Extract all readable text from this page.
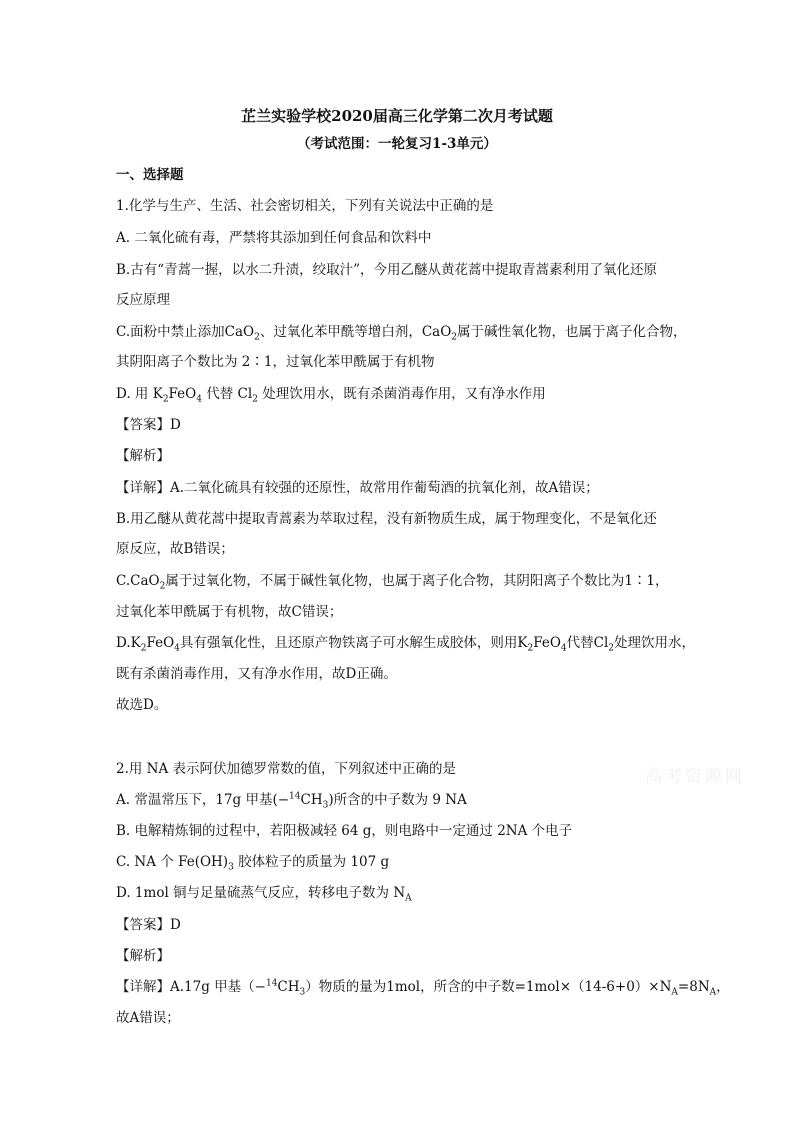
芷兰实验学校2020届高三化学第二次月考试题
（考试范围：一轮复习1-3单元）
一、选择题
1.化学与生产、生活、社会密切相关，下列有关说法中正确的是
A. 二氧化硫有毒，严禁将其添加到任何食品和饮料中
B.古有“青蒿一握，以水二升渍，绞取汁”，今用乙醚从黄花蒿中提取青蒿素利用了氧化还原
反应原理
C.面粉中禁止添加CaO$_2$、过氧化苯甲酰等增白剂，CaO$_2$属于碱性氧化物，也属于离子化合物，
其阴阳离子个数比为 2∶1，过氧化苯甲酰属于有机物
D. 用 $K_2FeO_4$ 代替 $Cl_2$ 处理饮用水，既有杀菌消毒作用，又有净水作用
【答案】D
【解析】
【详解】A.二氧化硫具有较强的还原性，故常用作葡萄酒的抗氧化剂，故A错误；
B.用乙醚从黄花蒿中提取青蒿素为萃取过程，没有新物质生成，属于物理变化，不是氧化还
原反应，故B错误；
C.CaO$_2$属于过氧化物，不属于碱性氧化物，也属于离子化合物，其阴阳离子个数比为1∶1，
过氧化苯甲酰属于有机物，故C错误；
$D.K_2FeO_4$具有强氧化性，且还原产物铁离子可水解生成胶体，则用$K_2FeO_4$代替$Cl_2$处理饮用水，
既有杀菌消毒作用，又有净水作用，故D正确。
故选D。
2.用 NA 表示阿伏加德罗常数的值，下列叙述中正确的是
A. 常温常压下，17g 甲基$(-^{14}CH_3)$所含的中子数为 9 NA
B. 电解精炼铜的过程中，若阳极减轻 64 g，则电路中一定通过 2NA 个电子
C. NA 个 $Fe(OH)_3$ 胶体粒子的质量为 107 g
D. 1mol 铜与足量硫蒸气反应，转移电子数为 $N_A$
【答案】D
【解析】
【详解】A.17g 甲基$(-^{14}CH_3)$物质的量为1mol，所含的中子数$=1mol\times(14-6+0)\times N_A=8N_A$，
故A错误；
高考资源网
